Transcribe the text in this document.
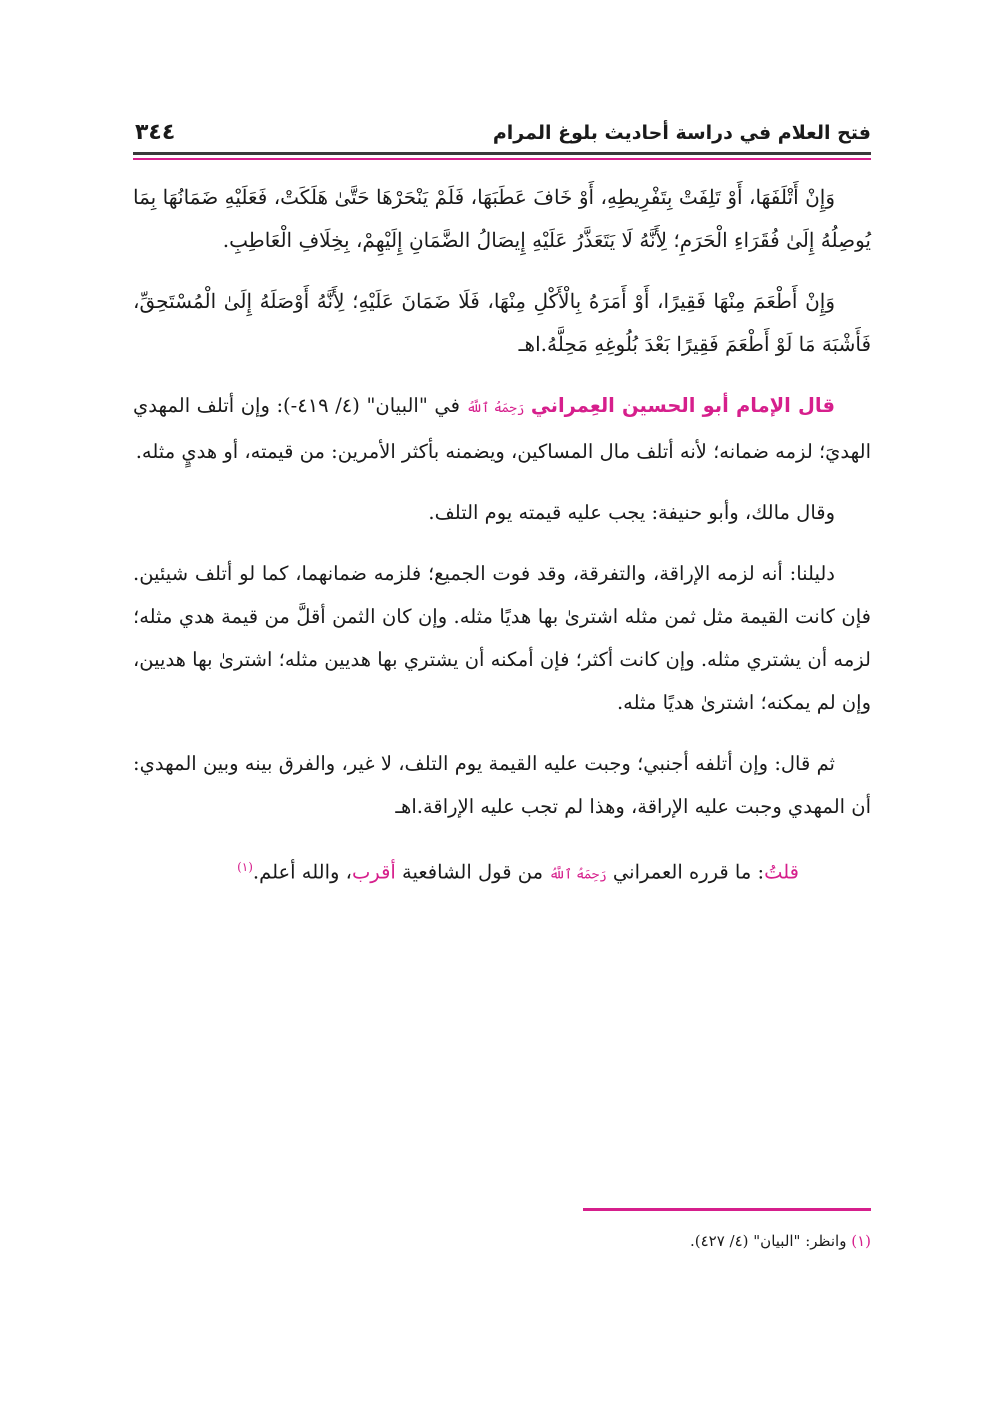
فتح العلام في دراسة أحاديث بلوغ المرام
٣٤٤

وَإِنْ أَتْلَفَهَا، أَوْ تَلِفَتْ بِتَفْرِيطِهِ، أَوْ خَافَ عَطَبَهَا، فَلَمْ يَنْحَرْهَا حَتَّىٰ هَلَكَتْ، فَعَلَيْهِ ضَمَانُهَا بِمَا يُوصِلُهُ إِلَىٰ فُقَرَاءِ الْحَرَمِ؛ لِأَنَّهُ لَا يَتَعَذَّرُ عَلَيْهِ إِيصَالُ الضَّمَانِ إِلَيْهِمْ، بِخِلَافِ الْعَاطِبِ.

وَإِنْ أَطْعَمَ مِنْهَا فَقِيرًا، أَوْ أَمَرَهُ بِالْأَكْلِ مِنْهَا، فَلَا ضَمَانَ عَلَيْهِ؛ لِأَنَّهُ أَوْصَلَهُ إِلَىٰ الْمُسْتَحِقِّ، فَأَشْبَهَ مَا لَوْ أَطْعَمَ فَقِيرًا بَعْدَ بُلُوغِهِ مَحِلَّهُ.اهـ

قال الإمام أبو الحسين العِمراني رَحِمَهُ ٱللَّهُ في "البيان" (٤/ ٤١٩-): وإن أتلف المهدي الهديَ؛ لزمه ضمانه؛ لأنه أتلف مال المساكين، ويضمنه بأكثر الأمرين: من قيمته، أو هديٍ مثله.

وقال مالك، وأبو حنيفة: يجب عليه قيمته يوم التلف.

دليلنا: أنه لزمه الإراقة، والتفرقة، وقد فوت الجميع؛ فلزمه ضمانهما، كما لو أتلف شيئين. فإن كانت القيمة مثل ثمن مثله اشترىٰ بها هديًا مثله. وإن كان الثمن أقلَّ من قيمة هدي مثله؛ لزمه أن يشتري مثله. وإن كانت أكثر؛ فإن أمكنه أن يشتري بها هديين مثله؛ اشترىٰ بها هديين، وإن لم يمكنه؛ اشترىٰ هديًا مثله.

ثم قال: وإن أتلفه أجنبي؛ وجبت عليه القيمة يوم التلف، لا غير، والفرق بينه وبين المهدي: أن المهدي وجبت عليه الإراقة، وهذا لم تجب عليه الإراقة.اهـ

قلتُ: ما قرره العمراني رَحِمَهُ ٱللَّهُ من قول الشافعية أقرب، والله أعلم.$^{(١)}$

(١) وانظر: "البيان" (٤/ ٤٢٧).
